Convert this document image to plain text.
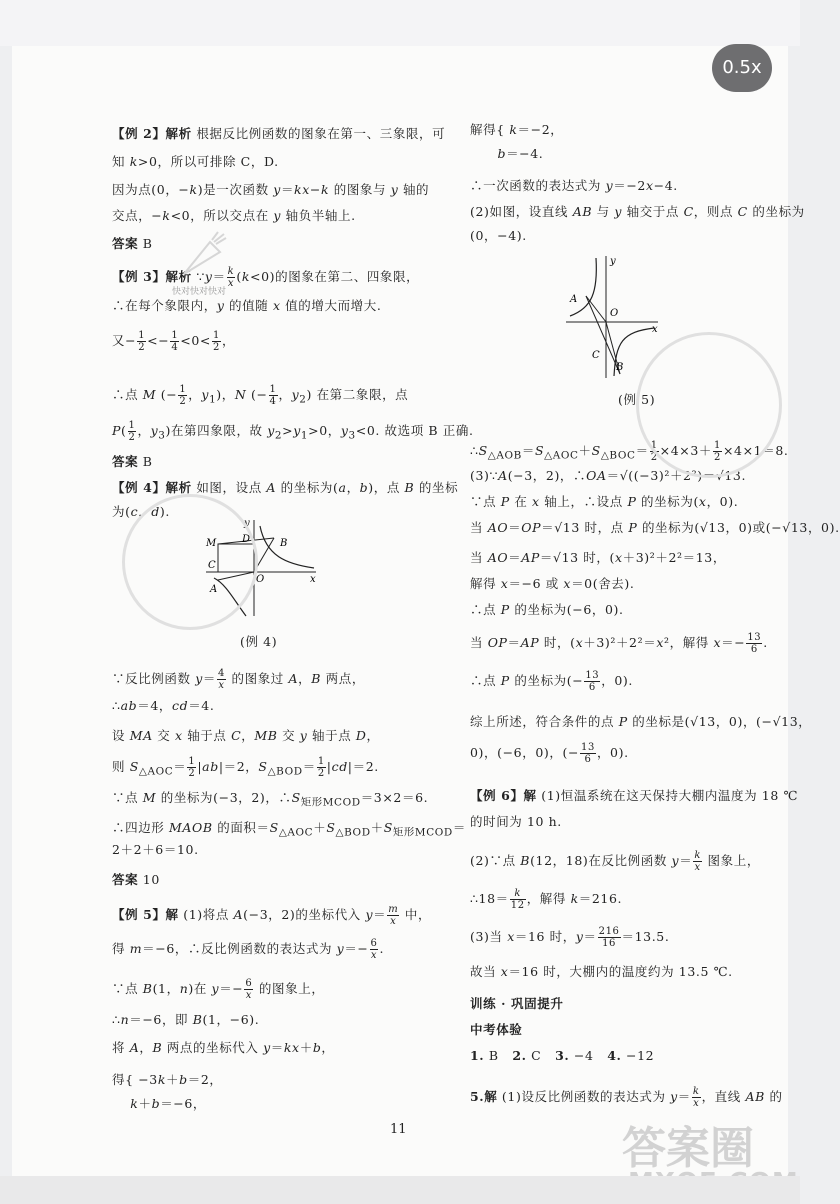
【例 2】解析 根据反比例函数的图象在第一、三象限，可
知 k>0，所以可排除 C，D.
因为点(0，−k)是一次函数 y＝kx−k 的图象与 y 轴的
交点，−k<0，所以交点在 y 轴负半轴上.
答案 B
【例 3】解析 ∵y＝ $\frac{k}{x} (k<0)$的图象在第二、四象限，
∴在每个象限内，y 的值随 x 值的增大而增大.
又− $\frac{1}{2} <- \frac{1}{4} <0< \frac{1}{2}$ ，
∴点 M (− $\frac{1}{2}$ ，$y_1$)，N (− $\frac{1}{4}$ ，$y_2$) 在第二象限，点
$P( \frac{1}{2}$ ，$y_3$)在第四象限，故 $y_2>y_1>0$，$y_3<0$. 故选项 B 正确.
答案 B
【例 4】解析 如图，设点 A 的坐标为(a，b)，点 B 的坐标
为(c，d).
(例 4)
∵反比例函数 $y= \frac{4}{x}$ 的图象过 A，B 两点，
∴ab＝4，cd＝4.
设 MA 交 x 轴于点 C，MB 交 y 轴于点 D，
则 $S_{\triangle AOC}= \frac{1}{2} |ab|=2$，$S_{\triangle BOD}= \frac{1}{2} |cd|=2$.
∵点 M 的坐标为(−3，2)，$\therefore S_{矩形MCOD}=3\times 2=6$.
∴四边形 MAOB 的面积$=S_{\triangle AOC}+S_{\triangle BOD}+S_{矩形MCOD}=$
2＋2＋6＝10.
答案 10
【例 5】解 (1)将点 A(−3，2)的坐标代入 $y= \frac{m}{x}$ 中，
得 m＝−6，∴反比例函数的表达式为 $y=- \frac{6}{x}$ .
∵点 B(1，n)在 $y=- \frac{6}{x}$ 的图象上，
∴n＝−6，即 B(1，−6).
将 A，B 两点的坐标代入 y＝kx＋b，
得{ −3k＋b＝2，
k＋b＝−6，
解得{ k＝−2，
b＝−4.
∴一次函数的表达式为 y＝−2x−4.
(2)如图，设直线 AB 与 y 轴交于点 C，则点 C 的坐标为
(0，−4).
(例 5)
$\therefore S_{\triangle AOB}=S_{\triangle AOC}+S_{\triangle BOC}= \frac{1}{2} \times 4\times 3+ \frac{1}{2} \times 4\times 1=8$.
(3)∵A(−3，2)，∴OA＝√((−3)²＋2²)＝√13.
∵点 P 在 x 轴上，∴设点 P 的坐标为(x，0).
当 AO＝OP＝√13 时，点 P 的坐标为(√13，0)或(−√13，0).
当 AO＝AP＝√13 时，(x＋3)²＋2²＝13，
解得 x＝−6 或 x＝0(舍去).
∴点 P 的坐标为(−6，0).
当 OP＝AP 时，(x＋3)²＋2²＝x²，解得 $x=- \frac{13}{6}$ .
∴点 P 的坐标为(− $\frac{13}{6}$ ，0).
综上所述，符合条件的点 P 的坐标是(√13，0)，(−√13，
0)，(−6，0)，(− $\frac{13}{6}$ ，0).
【例 6】解 (1)恒温系统在这天保持大棚内温度为 18 ℃
的时间为 10 h.
(2)∵点 B(12，18)在反比例函数 $y= \frac{k}{x}$ 图象上，
∴18＝ $\frac{k}{12}$ ，解得 k＝216.
(3)当 x＝16 时，$y= \frac{216}{16} =13.5$.
故当 x＝16 时，大棚内的温度约为 13.5 ℃.
训练 · 巩固提升
中考体验
1. B   2. C   3. −4   4. −12
5.解 (1)设反比例函数的表达式为 $y= \frac{k}{x}$ ，直线 AB 的
M	D	B
C
O
A
y
x
y
A
O
x
C
B
快对快对快对
答案圈
11
0.5x
